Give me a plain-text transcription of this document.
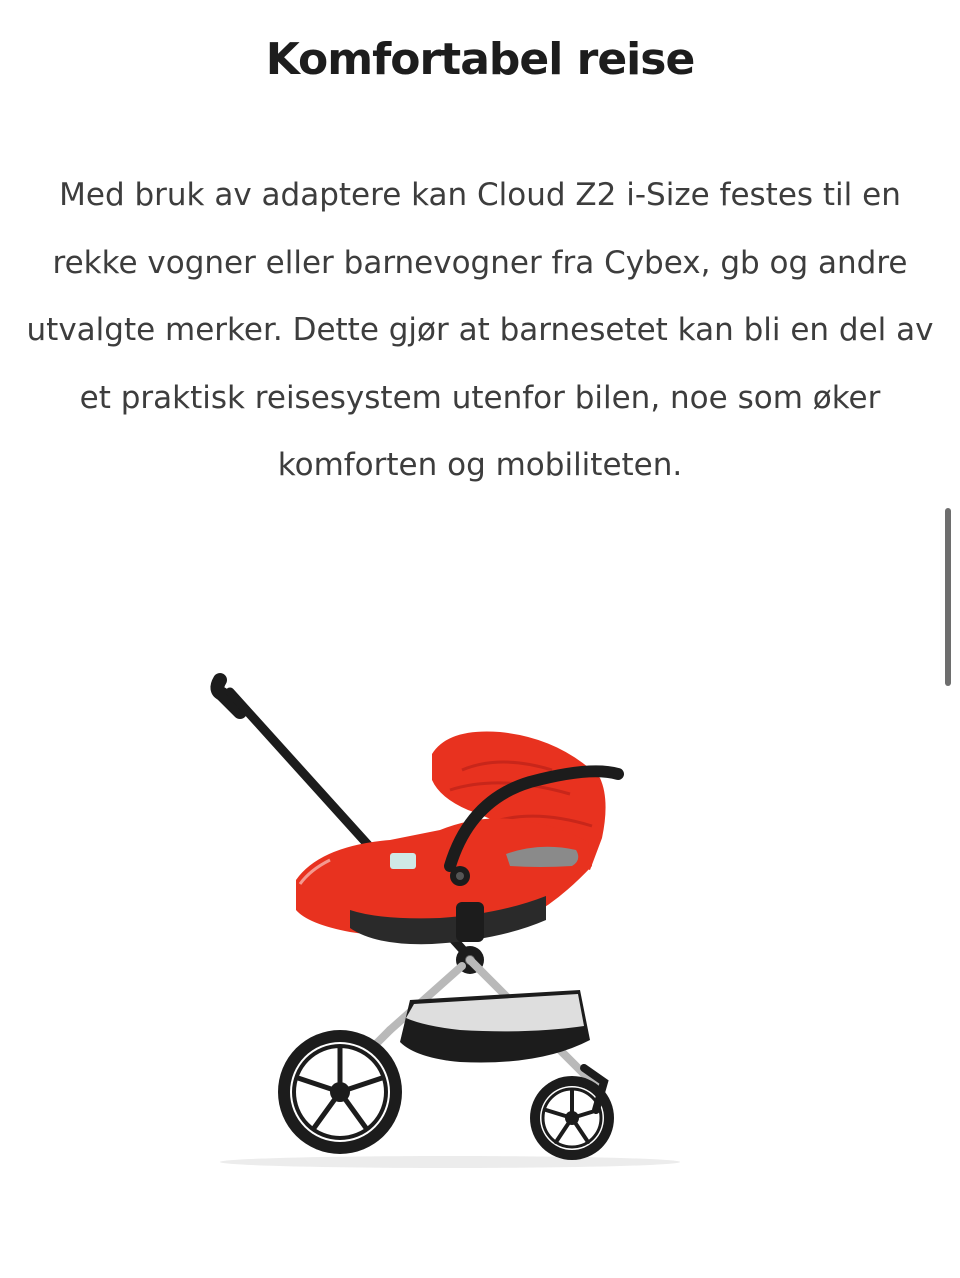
Komfortabel reise

Med bruk av adaptere kan Cloud Z2 i-Size festes til en rekke vogner eller barnevogner fra Cybex, gb og andre utvalgte merker. Dette gjør at barnesetet kan bli en del av et praktisk reisesystem utenfor bilen, noe som øker komforten og mobiliteten.
